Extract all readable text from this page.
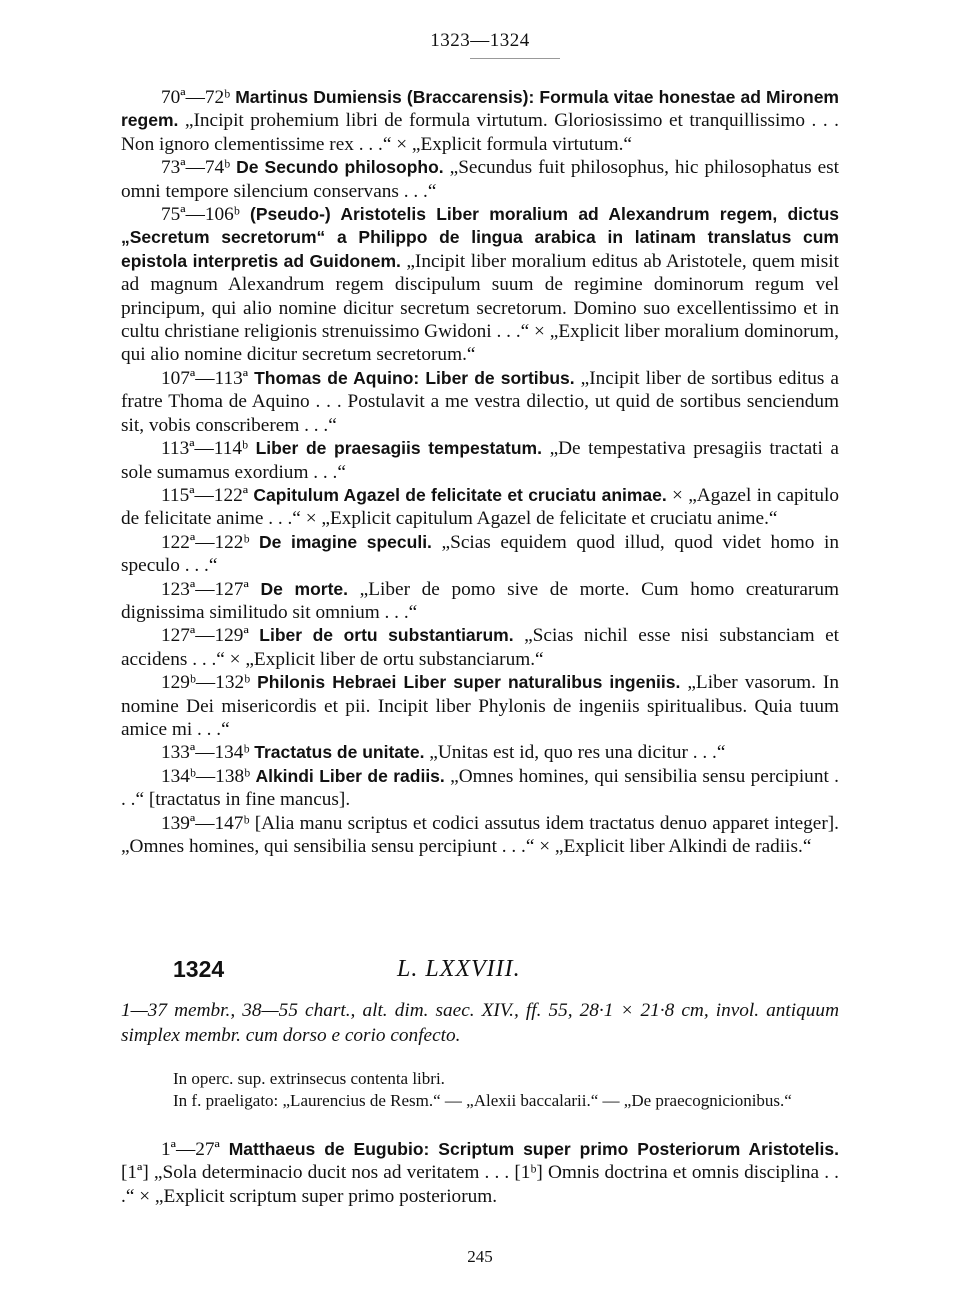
1323—1324

70ª—72ᵇ Martinus Dumiensis (Braccarensis): Formula vitae honestae ad Mironem regem. „Incipit prohemium libri de formula virtutum. Gloriosissimo et tranquillissimo . . . Non ignoro clementissime rex . . .“ × „Explicit formula virtutum.“

73ª—74ᵇ De Secundo philosopho. „Secundus fuit philosophus, hic philosophatus est omni tempore silencium conservans . . .“

75ª—106ᵇ (Pseudo-) Aristotelis Liber moralium ad Alexandrum regem, dictus „Secretum secretorum“ a Philippo de lingua arabica in latinam translatus cum epistola interpretis ad Guidonem. „Incipit liber moralium editus ab Aristotele, quem misit ad magnum Alexandrum regem discipulum suum de regimine dominorum regum vel principum, qui alio nomine dicitur secretum secretorum. Domino suo excellentissimo et in cultu christiane religionis strenuissimo Gwidoni . . .“ × „Explicit liber moralium dominorum, qui alio nomine dicitur secretum secretorum.“

107ª—113ª Thomas de Aquino: Liber de sortibus. „Incipit liber de sortibus editus a fratre Thoma de Aquino . . . Postulavit a me vestra dilectio, ut quid de sortibus senciendum sit, vobis conscriberem . . .“

113ª—114ᵇ Liber de praesagiis tempestatum. „De tempestativa presagiis tractati a sole sumamus exordium . . .“

115ª—122ª Capitulum Agazel de felicitate et cruciatu animae. × „Agazel in capitulo de felicitate anime . . .“ × „Explicit capitulum Agazel de felicitate et cruciatu anime.“

122ª—122ᵇ De imagine speculi. „Scias equidem quod illud, quod videt homo in speculo . . .“

123ª—127ª De morte. „Liber de pomo sive de morte. Cum homo creaturarum dignissima similitudo sit omnium . . .“

127ª—129ª Liber de ortu substantiarum. „Scias nichil esse nisi substanciam et accidens . . .“ × „Explicit liber de ortu substanciarum.“

129ᵇ—132ᵇ Philonis Hebraei Liber super naturalibus ingeniis. „Liber vasorum. In nomine Dei misericordis et pii. Incipit liber Phylonis de ingeniis spiritualibus. Quia tuum amice mi . . .“

133ª—134ᵇ Tractatus de unitate. „Unitas est id, quo res una dicitur . . .“

134ᵇ—138ᵇ Alkindi Liber de radiis. „Omnes homines, qui sensibilia sensu percipiunt . . .“ [tractatus in fine mancus].

139ª—147ᵇ [Alia manu scriptus et codici assutus idem tractatus denuo apparet integer]. „Omnes homines, qui sensibilia sensu percipiunt . . .“ × „Explicit liber Alkindi de radiis.“

1324	L. LXXVIII.

1—37 membr., 38—55 chart., alt. dim. saec. XIV., ff. 55, 28·1 × 21·8 cm, invol. antiquum simplex membr. cum dorso e corio confecto.

In operc. sup. extrinsecus contenta libri.

In f. praeligato: „Laurencius de Resm.“ — „Alexii baccalarii.“ — „De praecognicionibus.“

1ª—27ª Matthaeus de Eugubio: Scriptum super primo Posteriorum Aristotelis. [1ª] „Sola determinacio ducit nos ad veritatem . . . [1ᵇ] Omnis doctrina et omnis disciplina . . .“ × „Explicit scriptum super primo posteriorum.

245
